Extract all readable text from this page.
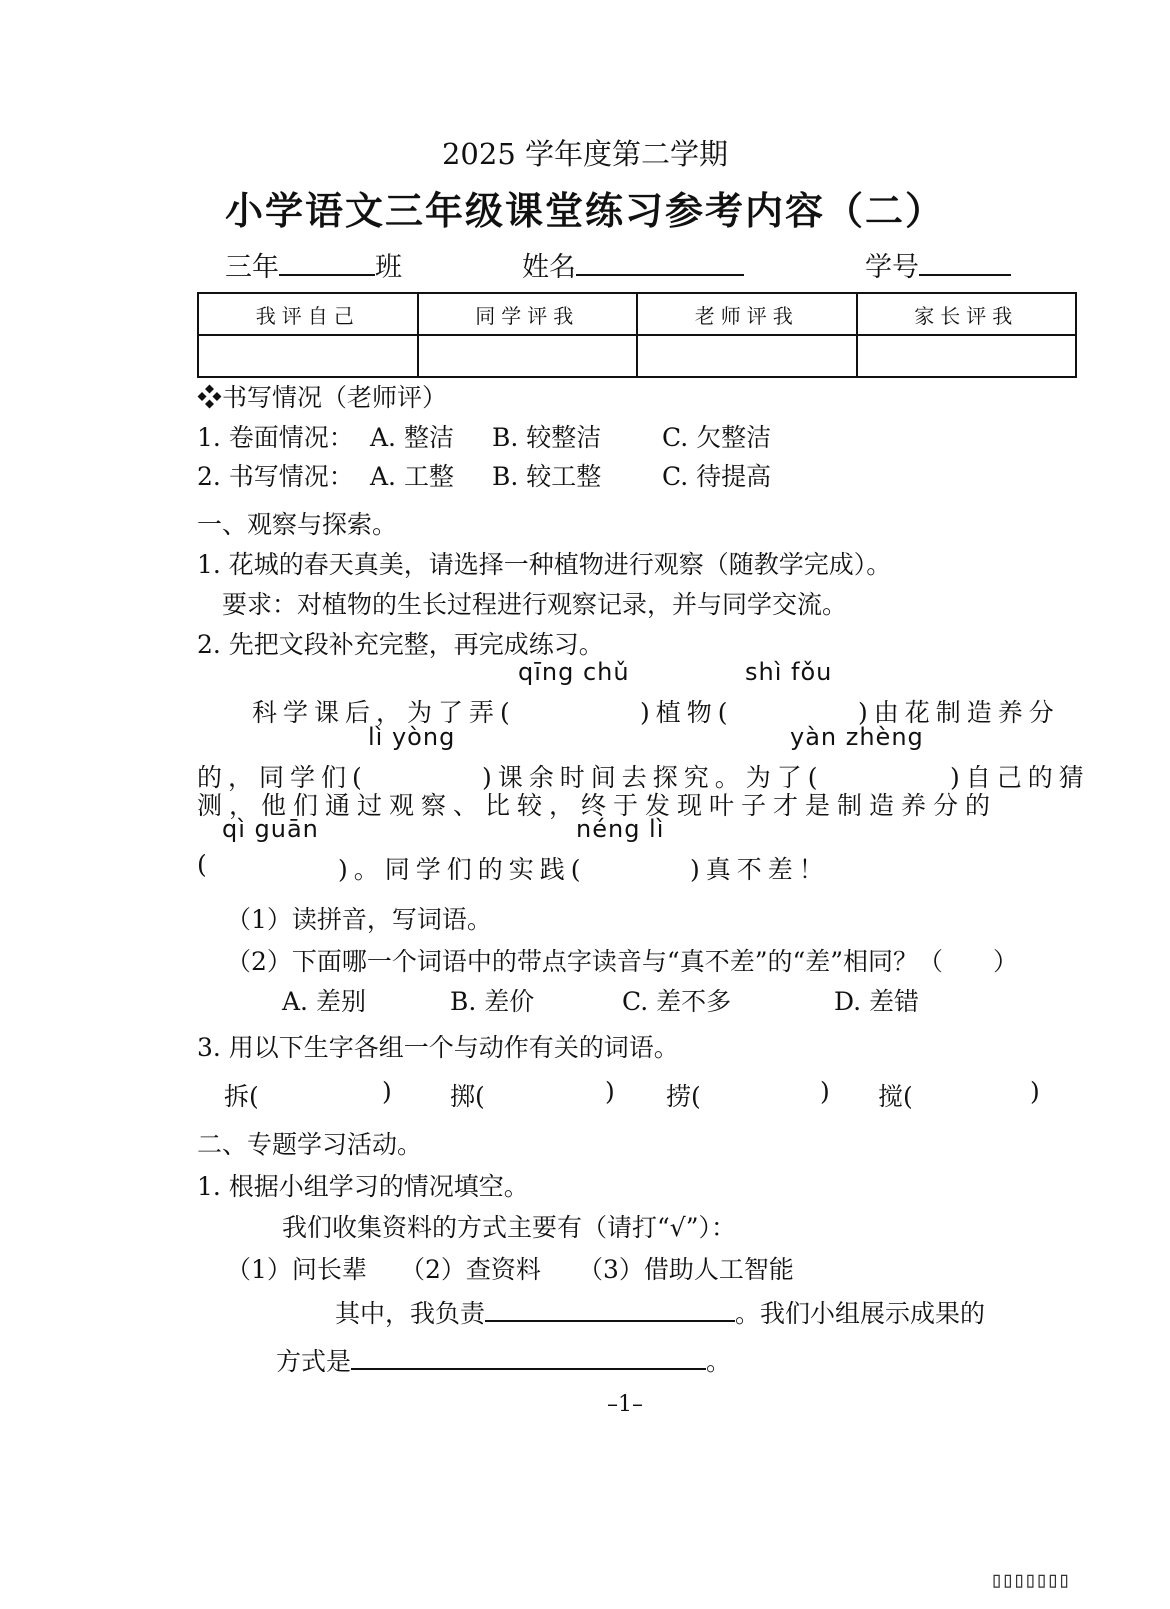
2025 学年度第二学期
小学语文三年级课堂练习参考内容（二）
三年	班	姓名	学号
我评自己	同学评我	老师评我	家长评我

❖书写情况（老师评）
1. 卷面情况： A. 整洁 B. 较整洁 C. 欠整洁
2. 书写情况： A. 工整 B. 较工整 C. 待提高
一、观察与探索。
1. 花城的春天真美，请选择一种植物进行观察（随教学完成）。
要求：对植物的生长过程进行观察记录，并与同学交流。
2. 先把文段补充完整，再完成练习。
qīng chǔ	shì fǒu
科学课后，为了弄(	)植物(	)由花制造养分
lì yòng	yàn zhèng
的，同学们(	)课余时间去探究。为了(	)自己的猜
测，他们通过观察、比较，终于发现叶子才是制造养分的
qì guān	néng lì
(	)。同学们的实践(	)真不差！
（1）读拼音，写词语。
（2）下面哪一个词语中的带点字读音与“真不差”的“差”相同？（　　）
A. 差别	B. 差价	C. 差不多	D. 差错
3. 用以下生字各组一个与动作有关的词语。
拆(	) 掷(	) 捞(	) 搅(	)
二、专题学习活动。
1. 根据小组学习的情况填空。
我们收集资料的方式主要有（请打“√”）：
（1）问长辈 （2）查资料 （3）借助人工智能
其中，我负责	。我们小组展示成果的
方式是	。
–1–
▯▯▯▯▯▯▯
